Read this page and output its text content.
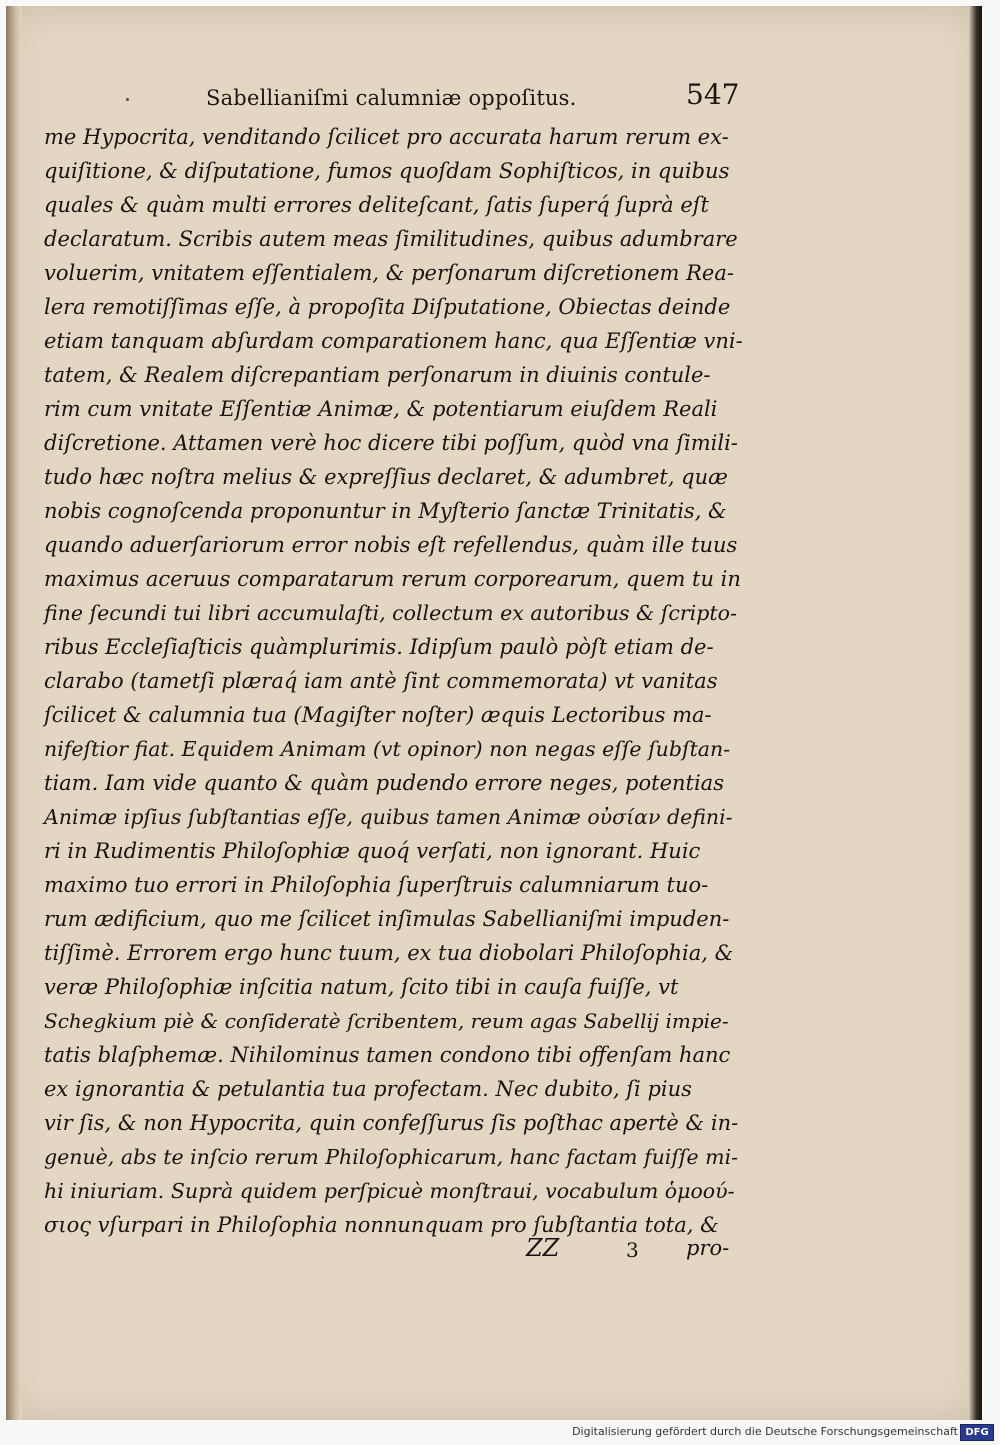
Sabellianiſmi calumniæ oppoſitus.	547
me Hypocrita, venditando ſcilicet pro accurata harum rerum ex-
quiſitione, & diſputatione, fumos quoſdam Sophiſticos, in quibus
quales & quàm multi errores deliteſcant, ſatis ſuperq́ ſuprà eſt
declaratum. Scribis autem meas ſimilitudines, quibus adumbrare
voluerim, vnitatem eſſentialem, & perſonarum diſcretionem Rea-
lera remotiſſimas eſſe, à propoſita Diſputatione, Obiectas deinde
etiam tanquam abſurdam comparationem hanc, qua Eſſentiæ vni-
tatem, & Realem diſcrepantiam perſonarum in diuinis contule-
rim cum vnitate Eſſentiæ Animæ, & potentiarum eiuſdem Reali
diſcretione. Attamen verè hoc dicere tibi poſſum, quòd vna ſimili-
tudo hæc noſtra melius & expreſſius declaret, & adumbret, quæ
nobis cognoſcenda proponuntur in Myſterio ſanctæ Trinitatis, &
quando aduerſariorum error nobis eſt refellendus, quàm ille tuus
maximus aceruus comparatarum rerum corporearum, quem tu in
fine ſecundi tui libri accumulaſti, collectum ex autoribus & ſcripto-
ribus Eccleſiaſticis quàmplurimis. Idipſum paulò pòſt etiam de-
clarabo (tametſi plæraq́ iam antè ſint commemorata) vt vanitas
ſcilicet & calumnia tua (Magiſter noſter) æquis Lectoribus ma-
nifeſtior fiat. Equidem Animam (vt opinor) non negas eſſe ſubſtan-
tiam. Iam vide quanto & quàm pudendo errore neges, potentias
Animæ ipſius ſubſtantias eſſe, quibus tamen Animæ οὐσίαν defini-
ri in Rudimentis Philoſophiæ quoq́ verſati, non ignorant. Huic
maximo tuo errori in Philoſophia ſuperſtruis calumniarum tuo-
rum ædificium, quo me ſcilicet inſimulas Sabellianiſmi impuden-
tiſſimè. Errorem ergo hunc tuum, ex tua diobolari Philoſophia, &
veræ Philoſophiæ inſcitia natum, ſcito tibi in cauſa fuiſſe, vt
Schegkium piè & conſideratè ſcribentem, reum agas Sabellij impie-
tatis blaſphemæ. Nihilominus tamen condono tibi offenſam hanc
ex ignorantia & petulantia tua profectam. Nec dubito, ſi pius
vir ſis, & non Hypocrita, quin confeſſurus ſis poſthac apertè & in-
genuè, abs te inſcio rerum Philoſophicarum, hanc factam fuiſſe mi-
hi iniuriam. Suprà quidem perſpicuè monſtraui, vocabulum ὁμοού-
σιος vſurpari in Philoſophia nonnunquam pro ſubſtantia tota, &
ZZ	3 pro-
Digitalisierung gefördert durch die Deutsche Forschungsgemeinschaft DFG
